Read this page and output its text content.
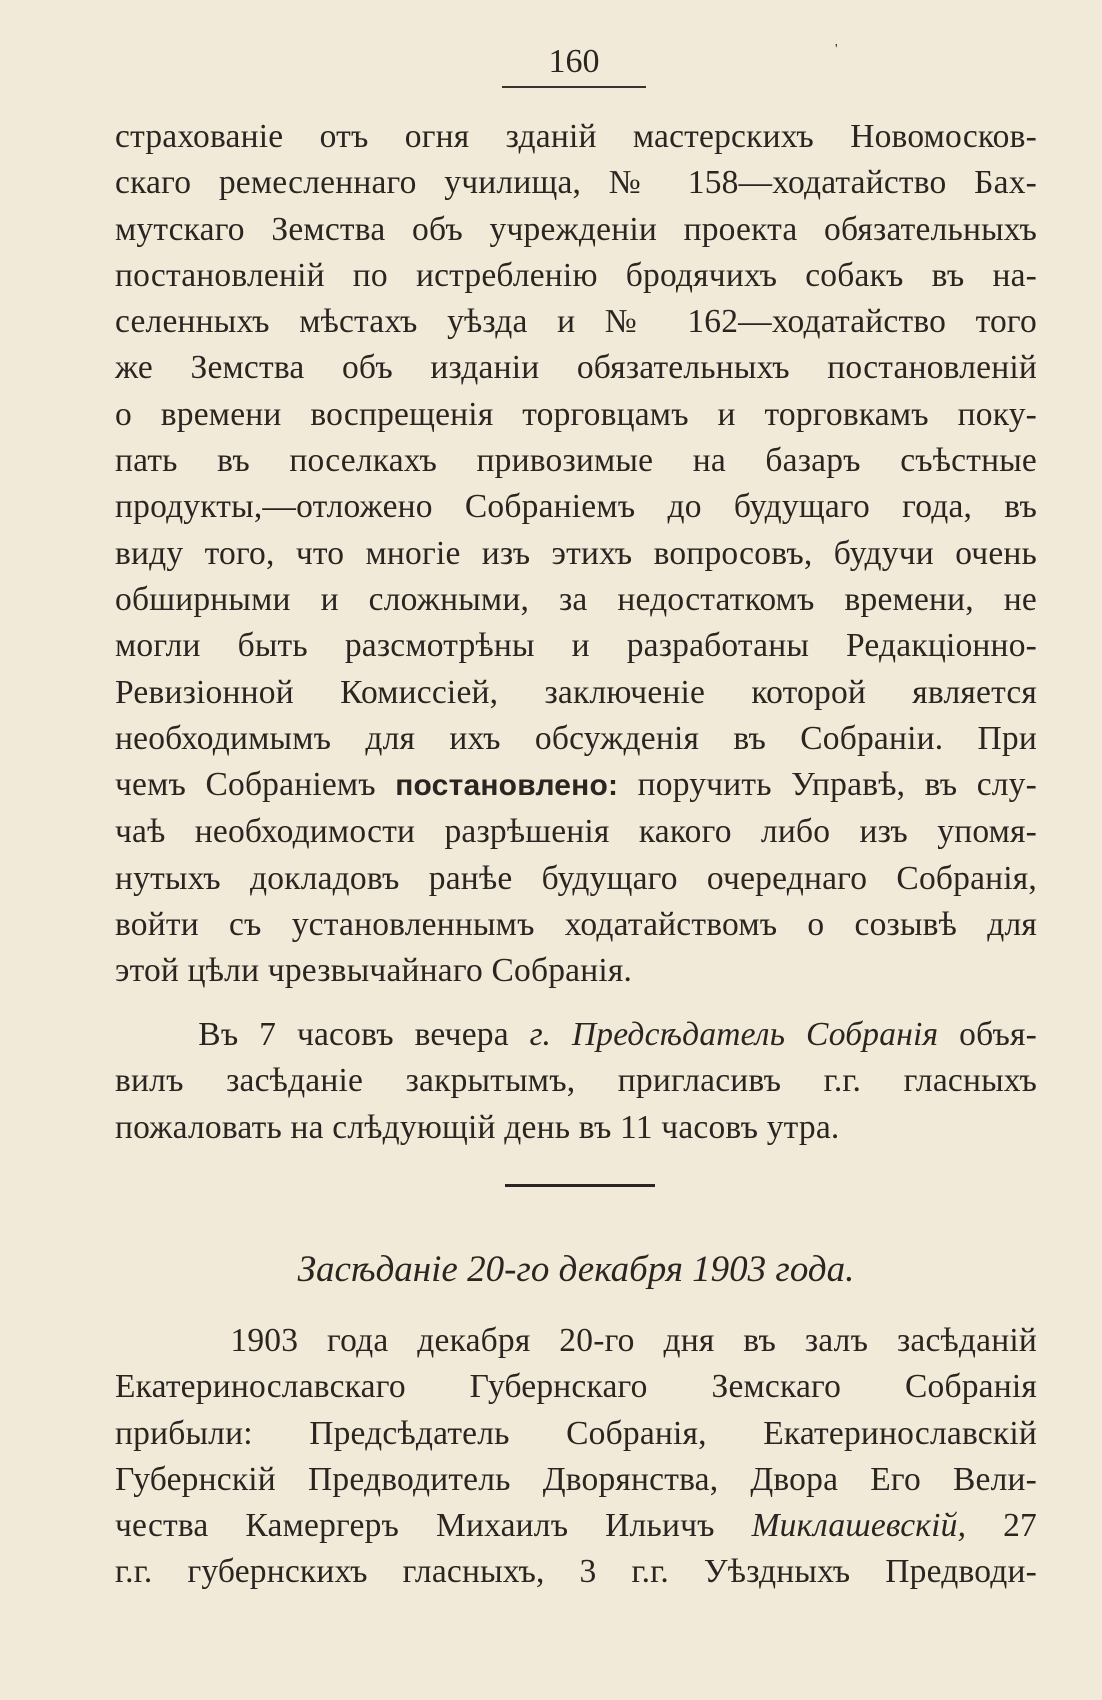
160	'
страхованіе отъ огня зданій мастерскихъ Новомосков-
скаго ремесленнаго училища, № 158—ходатайство Бах-
мутскаго Земства объ учрежденіи проекта обязательныхъ
постановленій по истребленію бродячихъ собакъ въ на-
селенныхъ мѣстахъ уѣзда и № 162—ходатайство того
же Земства объ изданіи обязательныхъ постановленій
о времени воспрещенія торговцамъ и торговкамъ поку-
пать въ поселкахъ привозимые на базаръ съѣстные
продукты,—отложено Собраніемъ до будущаго года, въ
виду того, что многіе изъ этихъ вопросовъ, будучи очень
обширными и сложными, за недостаткомъ времени, не
могли быть разсмотрѣны и разработаны Редакціонно-
Ревизіонной Комиссіей, заключеніе которой является
необходимымъ для ихъ обсужденія въ Собраніи. При
чемъ Собраніемъ постановлено: поручить Управѣ, въ слу-
чаѣ необходимости разрѣшенія какого либо изъ упомя-
нутыхъ докладовъ ранѣе будущаго очереднаго Собранія,
войти съ установленнымъ ходатайствомъ о созывѣ для
этой цѣли чрезвычайнаго Собранія.
Въ 7 часовъ вечера г. Предсѣдатель Собранія объя-
вилъ засѣданіе закрытымъ, пригласивъ г.г. гласныхъ
пожаловать на слѣдующій день въ 11 часовъ утра.
Засѣданіе 20-го декабря 1903 года.
1903 года декабря 20-го дня въ залъ засѣданій
Екатеринославскаго Губернскаго Земскаго Собранія
прибыли: Предсѣдатель Собранія, Екатеринославскій
Губернскій Предводитель Дворянства, Двора Его Вели-
чества Камергеръ Михаилъ Ильичъ Миклашевскій, 27
г.г. губернскихъ гласныхъ, 3 г.г. Уѣздныхъ Предводи-
